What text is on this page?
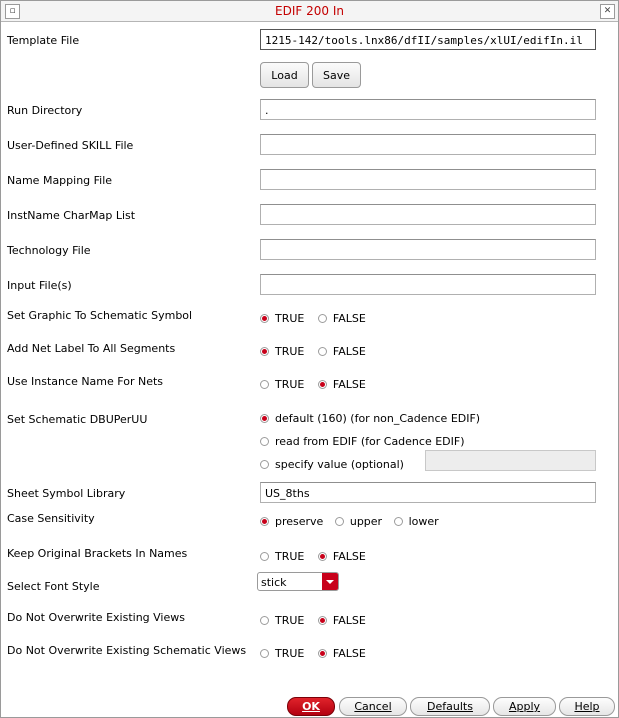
▫	EDIF 200 In	✕
Template File	1215-142/tools.lnx86/dfII/samples/xlUI/edifIn.il
Load	Save
Run Directory	.
User-Defined SKILL File
Name Mapping File
InstName CharMap List
Technology File
Input File(s)
Set Graphic To Schematic Symbol	TRUE	FALSE
Add Net Label To All Segments	TRUE	FALSE
Use Instance Name For Nets	TRUE	FALSE
Set Schematic DBUPerUU	default (160) (for non_Cadence EDIF)
read from EDIF (for Cadence EDIF)
specify value (optional)
Sheet Symbol Library	US_8ths
Case Sensitivity	preserve upper lower
Keep Original Brackets In Names	TRUE	FALSE
Select Font Style	stick
Do Not Overwrite Existing Views	TRUE	FALSE
Do Not Overwrite Existing Schematic Views	TRUE	FALSE
OK	Cancel	Defaults	Apply	Help
